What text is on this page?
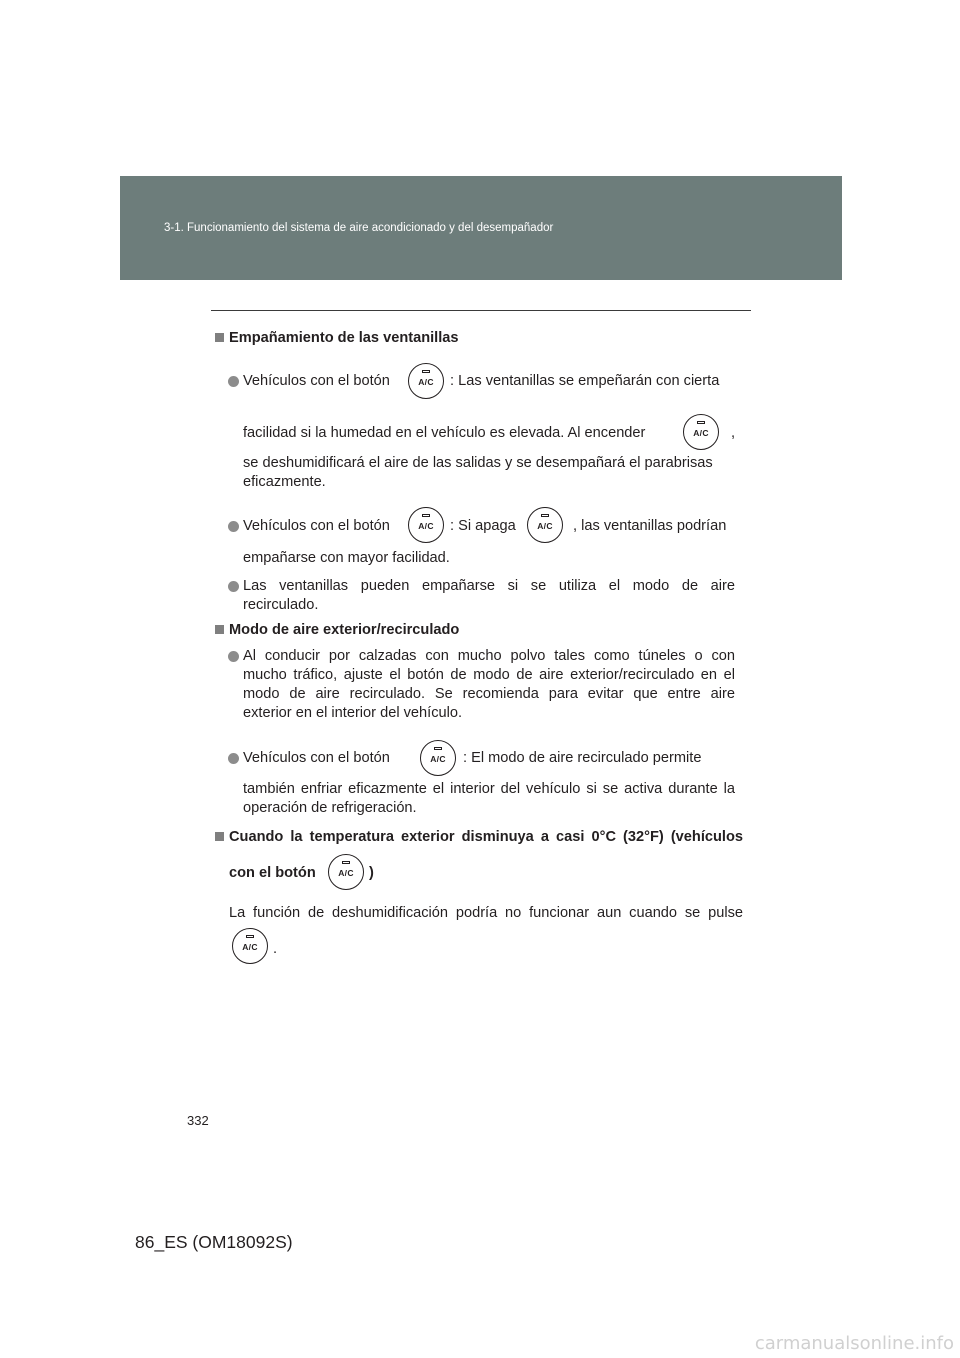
3-1. Funcionamiento del sistema de aire acondicionado y del desempañador
Empañamiento de las ventanillas
Vehículos con el botón	A/C	: Las ventanillas se empeñarán con cierta
facilidad si la humedad en el vehículo es elevada. Al encender	A/C	,
se deshumidificará el aire de las salidas y se desempañará el parabrisas
eficazmente.
Vehículos con el botón	A/C	: Si apaga	A/C	, las ventanillas podrían
empañarse con mayor facilidad.
Las ventanillas pueden empañarse si se utiliza el modo de aire
recirculado.
Modo de aire exterior/recirculado
Al conducir por calzadas con mucho polvo tales como túneles o con
mucho tráfico, ajuste el botón de modo de aire exterior/recirculado en el
modo de aire recirculado. Se recomienda para evitar que entre aire
exterior en el interior del vehículo.
Vehículos con el botón	A/C	: El modo de aire recirculado permite
también enfriar eficazmente el interior del vehículo si se activa durante la
operación de refrigeración.
Cuando la temperatura exterior disminuya a casi 0°C (32°F) (vehículos
con el botón	A/C	)
La función de deshumidificación podría no funcionar aun cuando se pulse
A/C	.
332
86_ES (OM18092S)
carmanualsonline.info
